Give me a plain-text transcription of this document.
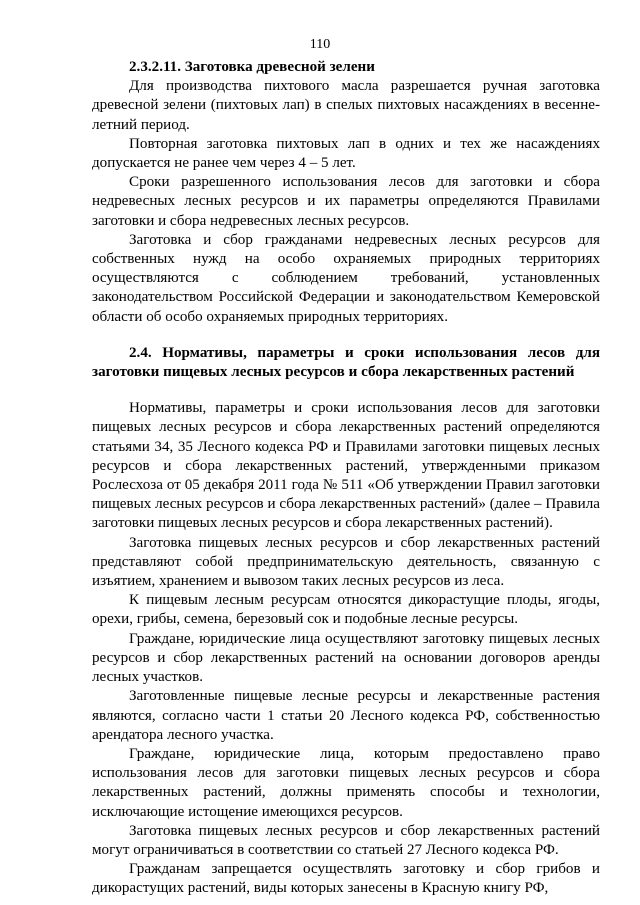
110

2.3.2.11. Заготовка древесной зелени

Для производства пихтового масла разрешается ручная заготовка древесной зелени (пихтовых лап) в спелых пихтовых насаждениях в весенне-летний период.

Повторная заготовка пихтовых лап в одних и тех же насаждениях допускается не ранее чем через 4 – 5 лет.

Сроки разрешенного использования лесов для заготовки и сбора недревесных лесных ресурсов и их параметры определяются Правилами заготовки и сбора недревесных лесных ресурсов.

Заготовка и сбор гражданами недревесных лесных ресурсов для собственных нужд на особо охраняемых природных территориях осуществляются с соблюдением требований, установленных законодательством Российской Федерации и законодательством Кемеровской области об особо охраняемых природных территориях.

2.4. Нормативы, параметры и сроки использования лесов для заготовки пищевых лесных ресурсов и сбора лекарственных растений

Нормативы, параметры и сроки использования лесов для заготовки пищевых лесных ресурсов и сбора лекарственных растений определяются статьями 34, 35 Лесного кодекса РФ и Правилами заготовки пищевых лесных ресурсов и сбора лекарственных растений, утвержденными приказом Рослесхоза от 05 декабря 2011 года № 511 «Об утверждении Правил заготовки пищевых лесных ресурсов и сбора лекарственных растений» (далее – Правила заготовки пищевых лесных ресурсов и сбора лекарственных растений).

Заготовка пищевых лесных ресурсов и сбор лекарственных растений представляют собой предпринимательскую деятельность, связанную с изъятием, хранением и вывозом таких лесных ресурсов из леса.

К пищевым лесным ресурсам относятся дикорастущие плоды, ягоды, орехи, грибы, семена, березовый сок и подобные лесные ресурсы.

Граждане, юридические лица осуществляют заготовку пищевых лесных ресурсов и сбор лекарственных растений на основании договоров аренды лесных участков.

Заготовленные пищевые лесные ресурсы и лекарственные растения являются, согласно части 1 статьи 20 Лесного кодекса РФ, собственностью арендатора лесного участка.

Граждане, юридические лица, которым предоставлено право использования лесов для заготовки пищевых лесных ресурсов и сбора лекарственных растений, должны применять способы и технологии, исключающие истощение имеющихся ресурсов.

Заготовка пищевых лесных ресурсов и сбор лекарственных растений могут ограничиваться в соответствии со статьей 27 Лесного кодекса РФ.

Гражданам запрещается осуществлять заготовку и сбор грибов и дикорастущих растений, виды которых занесены в Красную книгу РФ,
